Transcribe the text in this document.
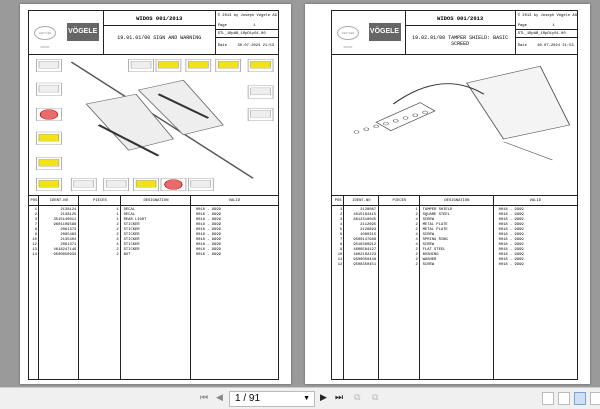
WIRTGEN GROUP
VÖGELE
WIDOS 001/2013
19.01.01/00 SIGN AND WARNING
© 2013 by Joseph Vögele AG
Page	1
STL_1RpAB_1RpD1y01-00
Date	30.07.2024 21:53
POS	IDENT-NO	PIECES	DESIGNATION	VALID
1	2138124	1 DECAL	0018 - 9999
2	2138125	1 DECAL	0018 - 9999
3	3515140011	1 REAR LIGHT	0018 - 9999
7	9601109598	2 STICKER	0018 - 9999
8	2061373	2 STICKER	0018 - 9999
9	2085463	2 STICKER	0018 - 9999
10	2135404	4 STICKER	0018 - 9999
12	2061371	4 STICKER	0018 - 9999
13	4618247149	2 STICKER	0018 - 9999
14	9500050934	2 NUT	0018 - 9999
WIRTGEN GROUP
VÖGELE
WIDOS 001/2013
19.02.01/00 TAMPER SHIELD: BASIC SCREED
© 2013 by Joseph Vögele AG
Page	1
STL_1RpAB_1RpD1y01-00
Date	30.07.2024 21:53
POS	IDENT-NO	PIECES	DESIGNATION	VALID
1	2128087	1 TAMPER SHIELD	0018 - 9999
2	4615184415	2 SQUARE STEEL	0018 - 9999
3	8612310045	4 SCREW	0018 - 9999
4	2112695	2 METAL PLATE	0018 - 9999
5	2128893	2 METAL PLATE	0018 - 9999
6	1080315	4 SCREW	0018 - 9999
7	9500147988	4 SPRING RING	0018 - 9999
8	9516380912	4 SCREW	0018 - 9999
9	4606584127	2 FLAT STEEL	0018 - 9999
10	4602182223	2 BUSHING	0018 - 9999
11	9500050448	2 WASHER	0018 - 9999
12	9508350451	2 SCREW	0018 - 9999
⏮ ◀	1 / 91	▼ ▶ ⏭ ⧉ ⧉
